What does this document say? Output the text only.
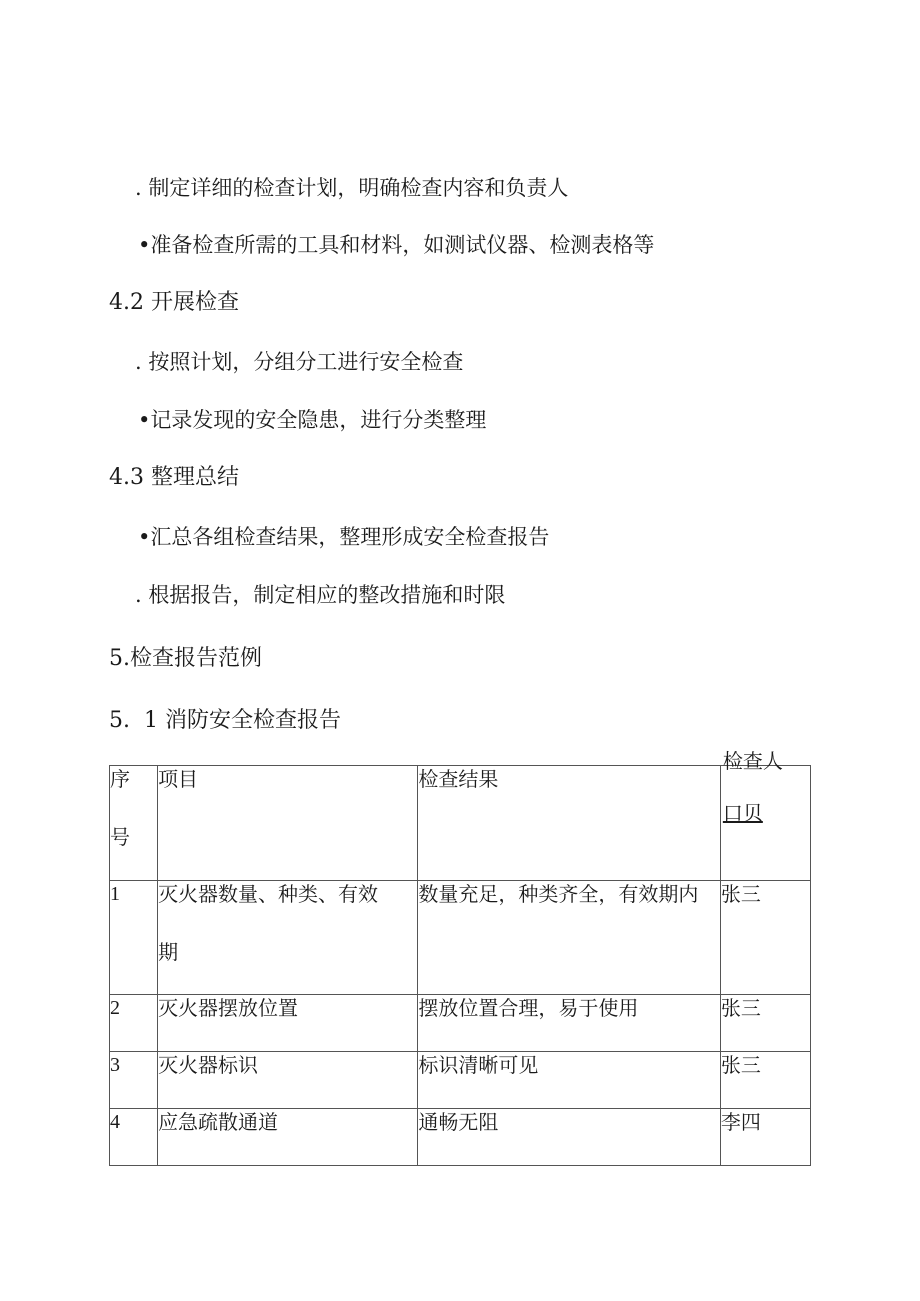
. 制定详细的检查计划，明确检查内容和负责人
•准备检查所需的工具和材料，如测试仪器、检测表格等
4.2 开展检查
. 按照计划，分组分工进行安全检查
•记录发现的安全隐患，进行分类整理
4.3 整理总结
•汇总各组检查结果，整理形成安全检查报告
. 根据报告，制定相应的整改措施和时限
5.检查报告范例
5.  1 消防安全检查报告
序号	项目	检查结果	检查人
口贝

1	灭火器数量、种类、有效期	数量充足，种类齐全，有效期内	张三

2	灭火器摆放位置	摆放位置合理，易于使用	张三

3	灭火器标识	标识清晰可见	张三

4	应急疏散通道	通畅无阻	李四
